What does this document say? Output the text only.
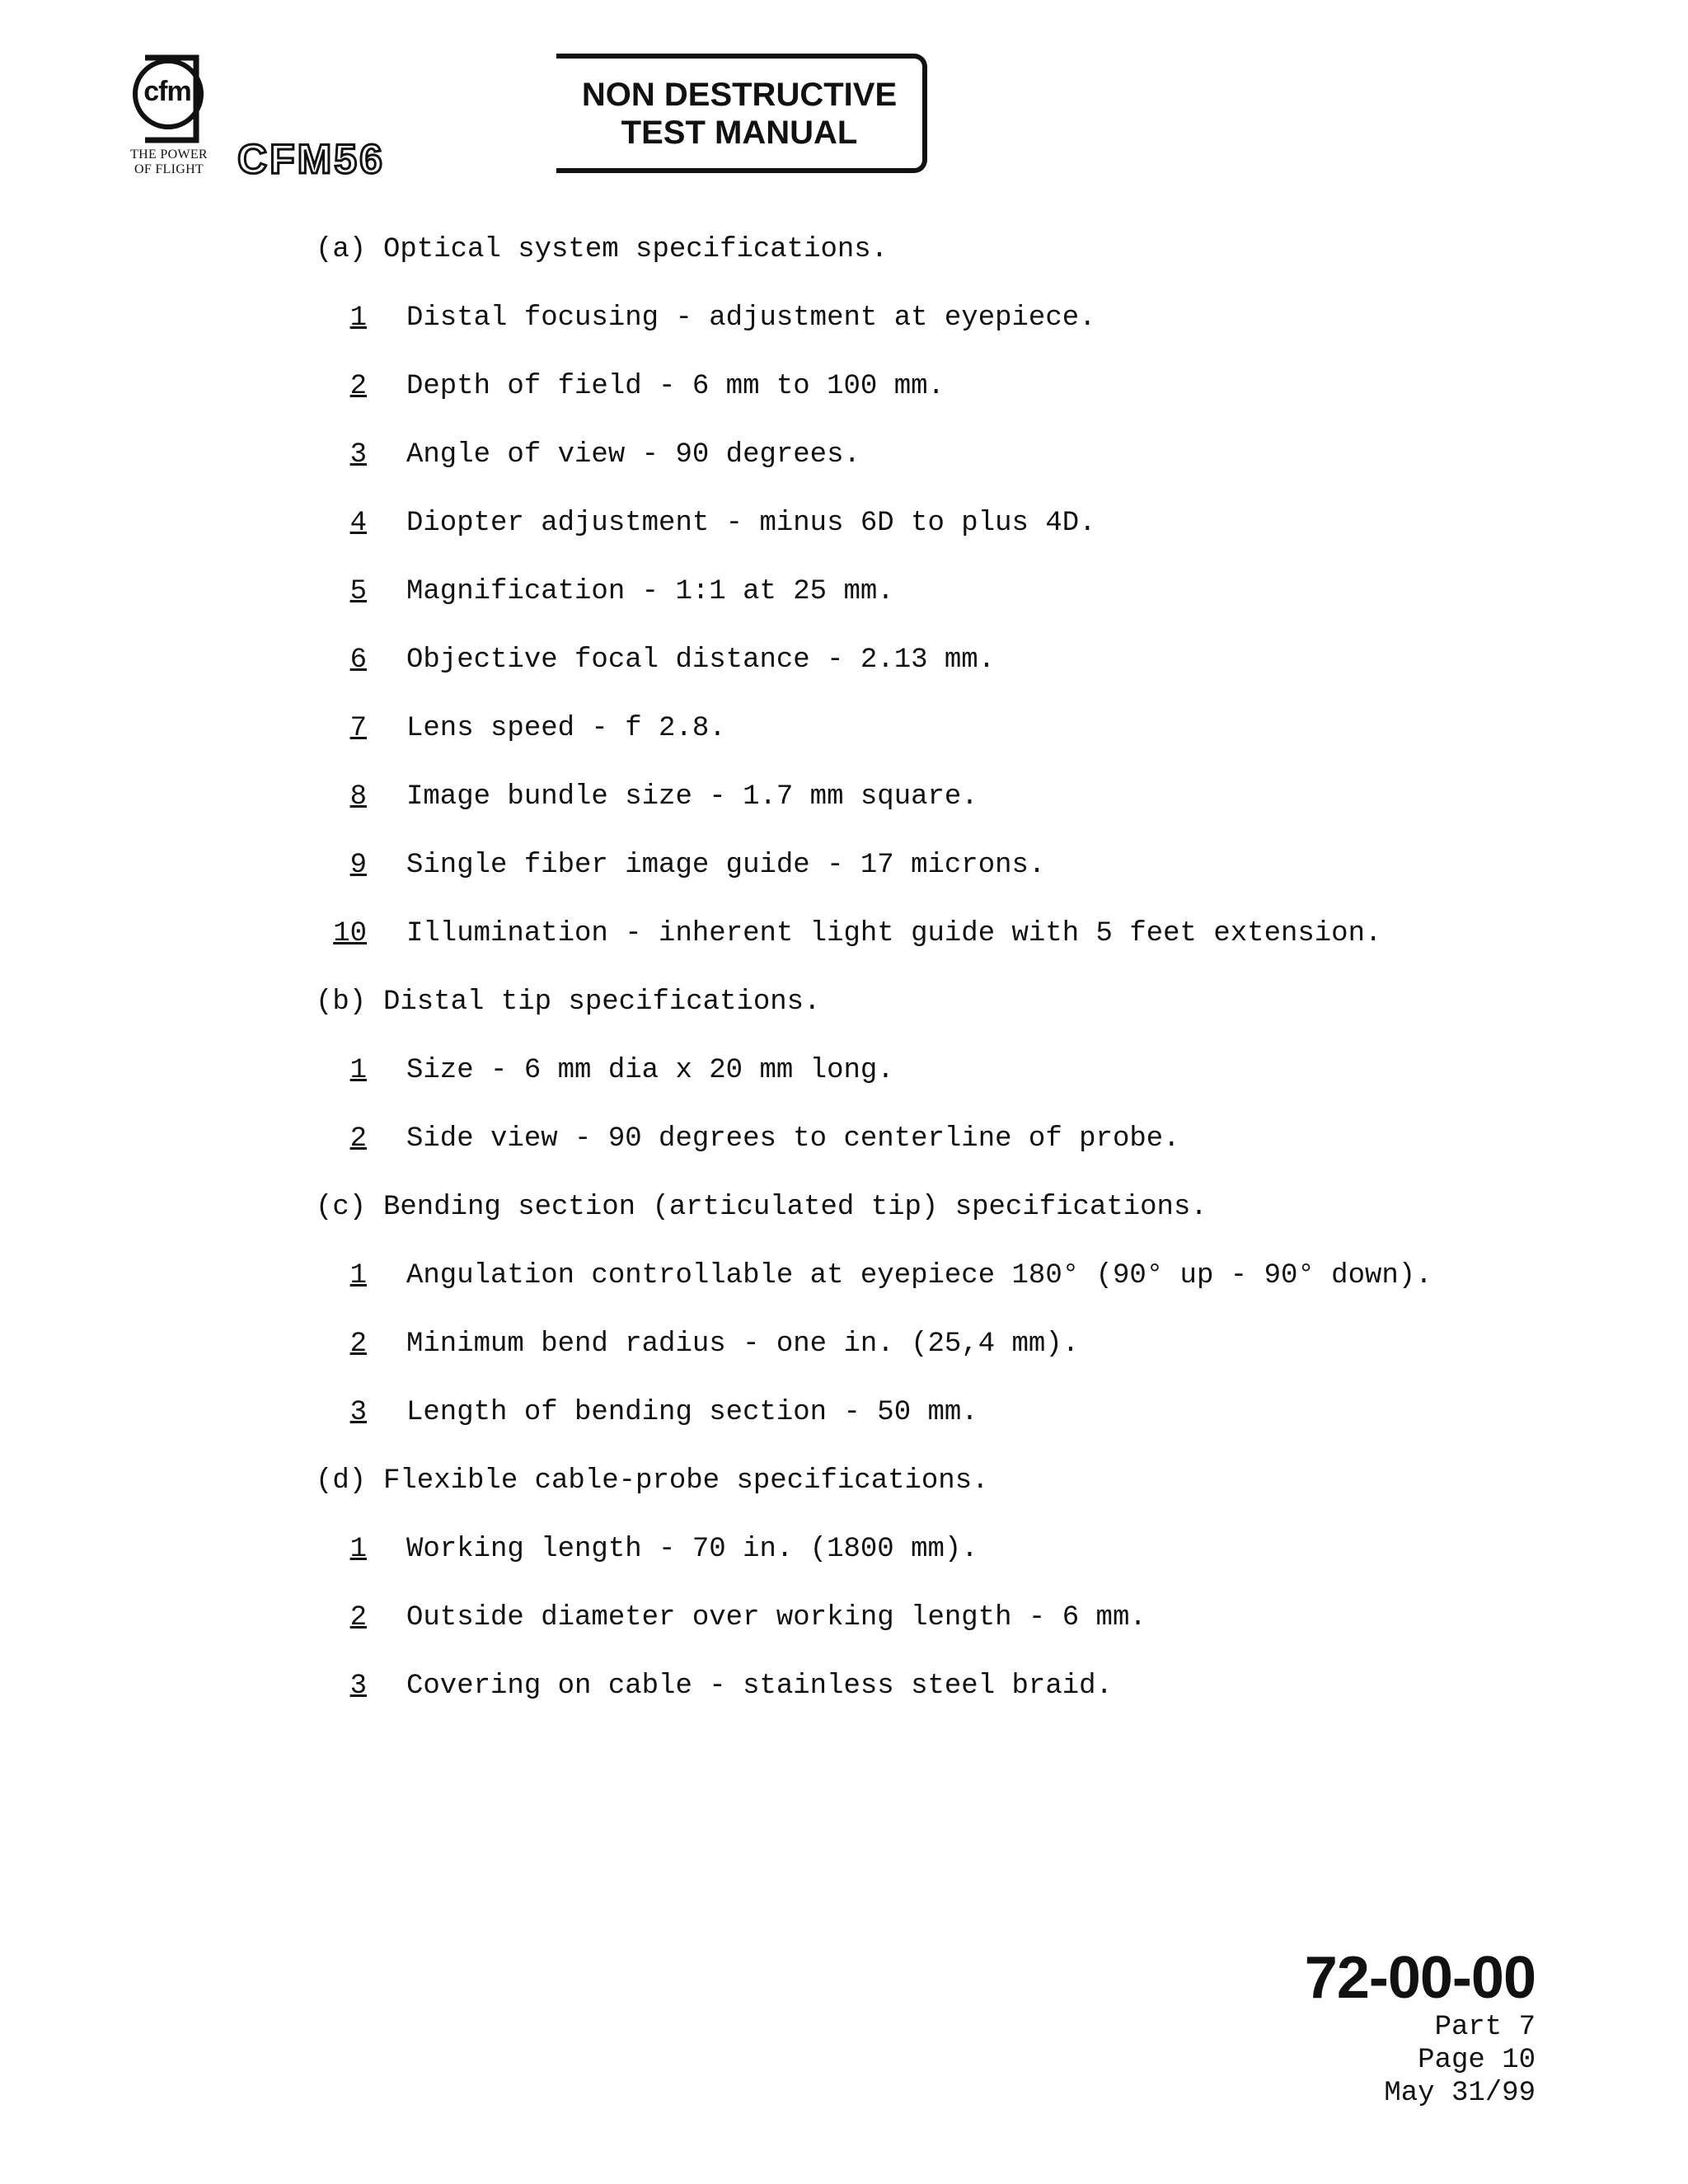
cfm
THE POWER
OF FLIGHT CFM56
NON DESTRUCTIVE
TEST MANUAL
(a) Optical system specifications.
1	Distal focusing - adjustment at eyepiece.
2	Depth of field - 6 mm to 100 mm.
3	Angle of view - 90 degrees.
4	Diopter adjustment - minus 6D to plus 4D.
5	Magnification - 1:1 at 25 mm.
6	Objective focal distance - 2.13 mm.
7	Lens speed - f 2.8.
8	Image bundle size - 1.7 mm square.
9	Single fiber image guide - 17 microns.
10	Illumination - inherent light guide with 5 feet extension.
(b) Distal tip specifications.
1	Size - 6 mm dia x 20 mm long.
2	Side view - 90 degrees to centerline of probe.
(c) Bending section (articulated tip) specifications.
1	Angulation controllable at eyepiece 180° (90° up - 90° down).
2	Minimum bend radius - one in. (25,4 mm).
3	Length of bending section - 50 mm.
(d) Flexible cable-probe specifications.
1	Working length - 70 in. (1800 mm).
2	Outside diameter over working length - 6 mm.
3	Covering on cable - stainless steel braid.
72-00-00
Part 7
Page 10
May 31/99
